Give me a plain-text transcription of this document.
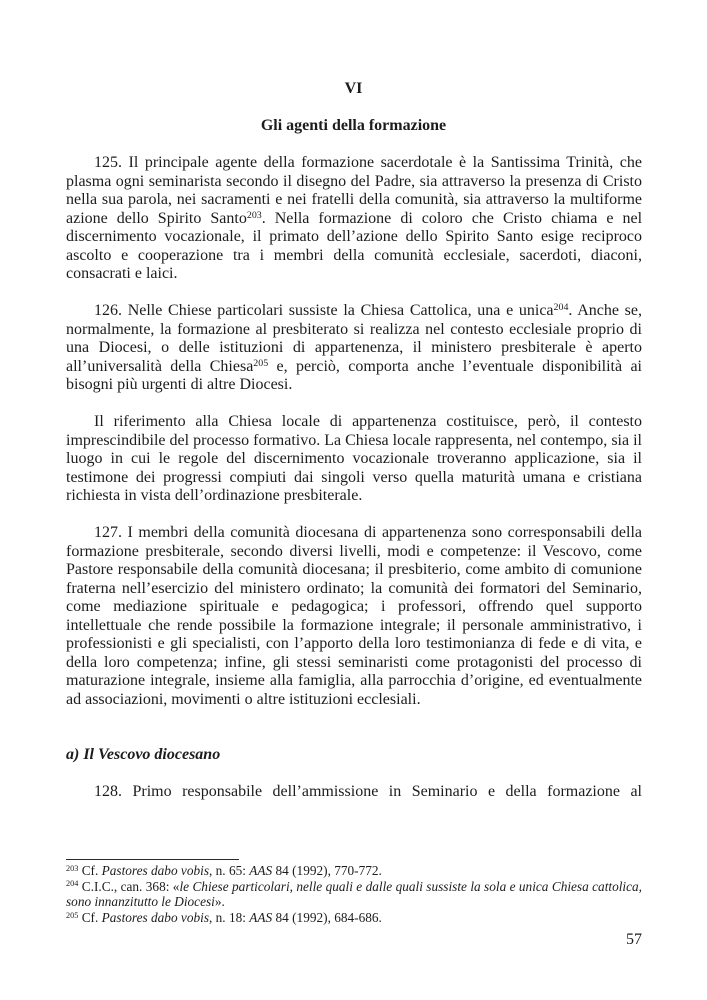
VI
Gli agenti della formazione

125. Il principale agente della formazione sacerdotale è la Santissima Trinità, che plasma ogni seminarista secondo il disegno del Padre, sia attraverso la presenza di Cristo nella sua parola, nei sacramenti e nei fratelli della comunità, sia attraverso la multiforme azione dello Spirito Santo$^{203}$. Nella formazione di coloro che Cristo chiama e nel discernimento vocazionale, il primato dell’azione dello Spirito Santo esige reciproco ascolto e cooperazione tra i membri della comunità ecclesiale, sacerdoti, diaconi, consacrati e laici.

126. Nelle Chiese particolari sussiste la Chiesa Cattolica, una e unica$^{204}$. Anche se, normalmente, la formazione al presbiterato si realizza nel contesto ecclesiale proprio di una Diocesi, o delle istituzioni di appartenenza, il ministero presbiterale è aperto all’universalità della Chiesa$^{205}$ e, perciò, comporta anche l’eventuale disponibilità ai bisogni più urgenti di altre Diocesi.

Il riferimento alla Chiesa locale di appartenenza costituisce, però, il contesto imprescindibile del processo formativo. La Chiesa locale rappresenta, nel contempo, sia il luogo in cui le regole del discernimento vocazionale troveranno applicazione, sia il testimone dei progressi compiuti dai singoli verso quella maturità umana e cristiana richiesta in vista dell’ordinazione presbiterale.

127. I membri della comunità diocesana di appartenenza sono corresponsabili della formazione presbiterale, secondo diversi livelli, modi e competenze: il Vescovo, come Pastore responsabile della comunità diocesana; il presbiterio, come ambito di comunione fraterna nell’esercizio del ministero ordinato; la comunità dei formatori del Seminario, come mediazione spirituale e pedagogica; i professori, offrendo quel supporto intellettuale che rende possibile la formazione integrale; il personale amministrativo, i professionisti e gli specialisti, con l’apporto della loro testimonianza di fede e di vita, e della loro competenza; infine, gli stessi seminaristi come protagonisti del processo di maturazione integrale, insieme alla famiglia, alla parrocchia d’origine, ed eventualmente ad associazioni, movimenti o altre istituzioni ecclesiali.

a) Il Vescovo diocesano

128. Primo responsabile dell’ammissione in Seminario e della formazione al

$^{203}$ Cf. Pastores dabo vobis, n. 65: AAS 84 (1992), 770-772.

$^{204}$ C.I.C., can. 368: «le Chiese particolari, nelle quali e dalle quali sussiste la sola e unica Chiesa cattolica, sono innanzitutto le Diocesi».

$^{205}$ Cf. Pastores dabo vobis, n. 18: AAS 84 (1992), 684-686.

57
